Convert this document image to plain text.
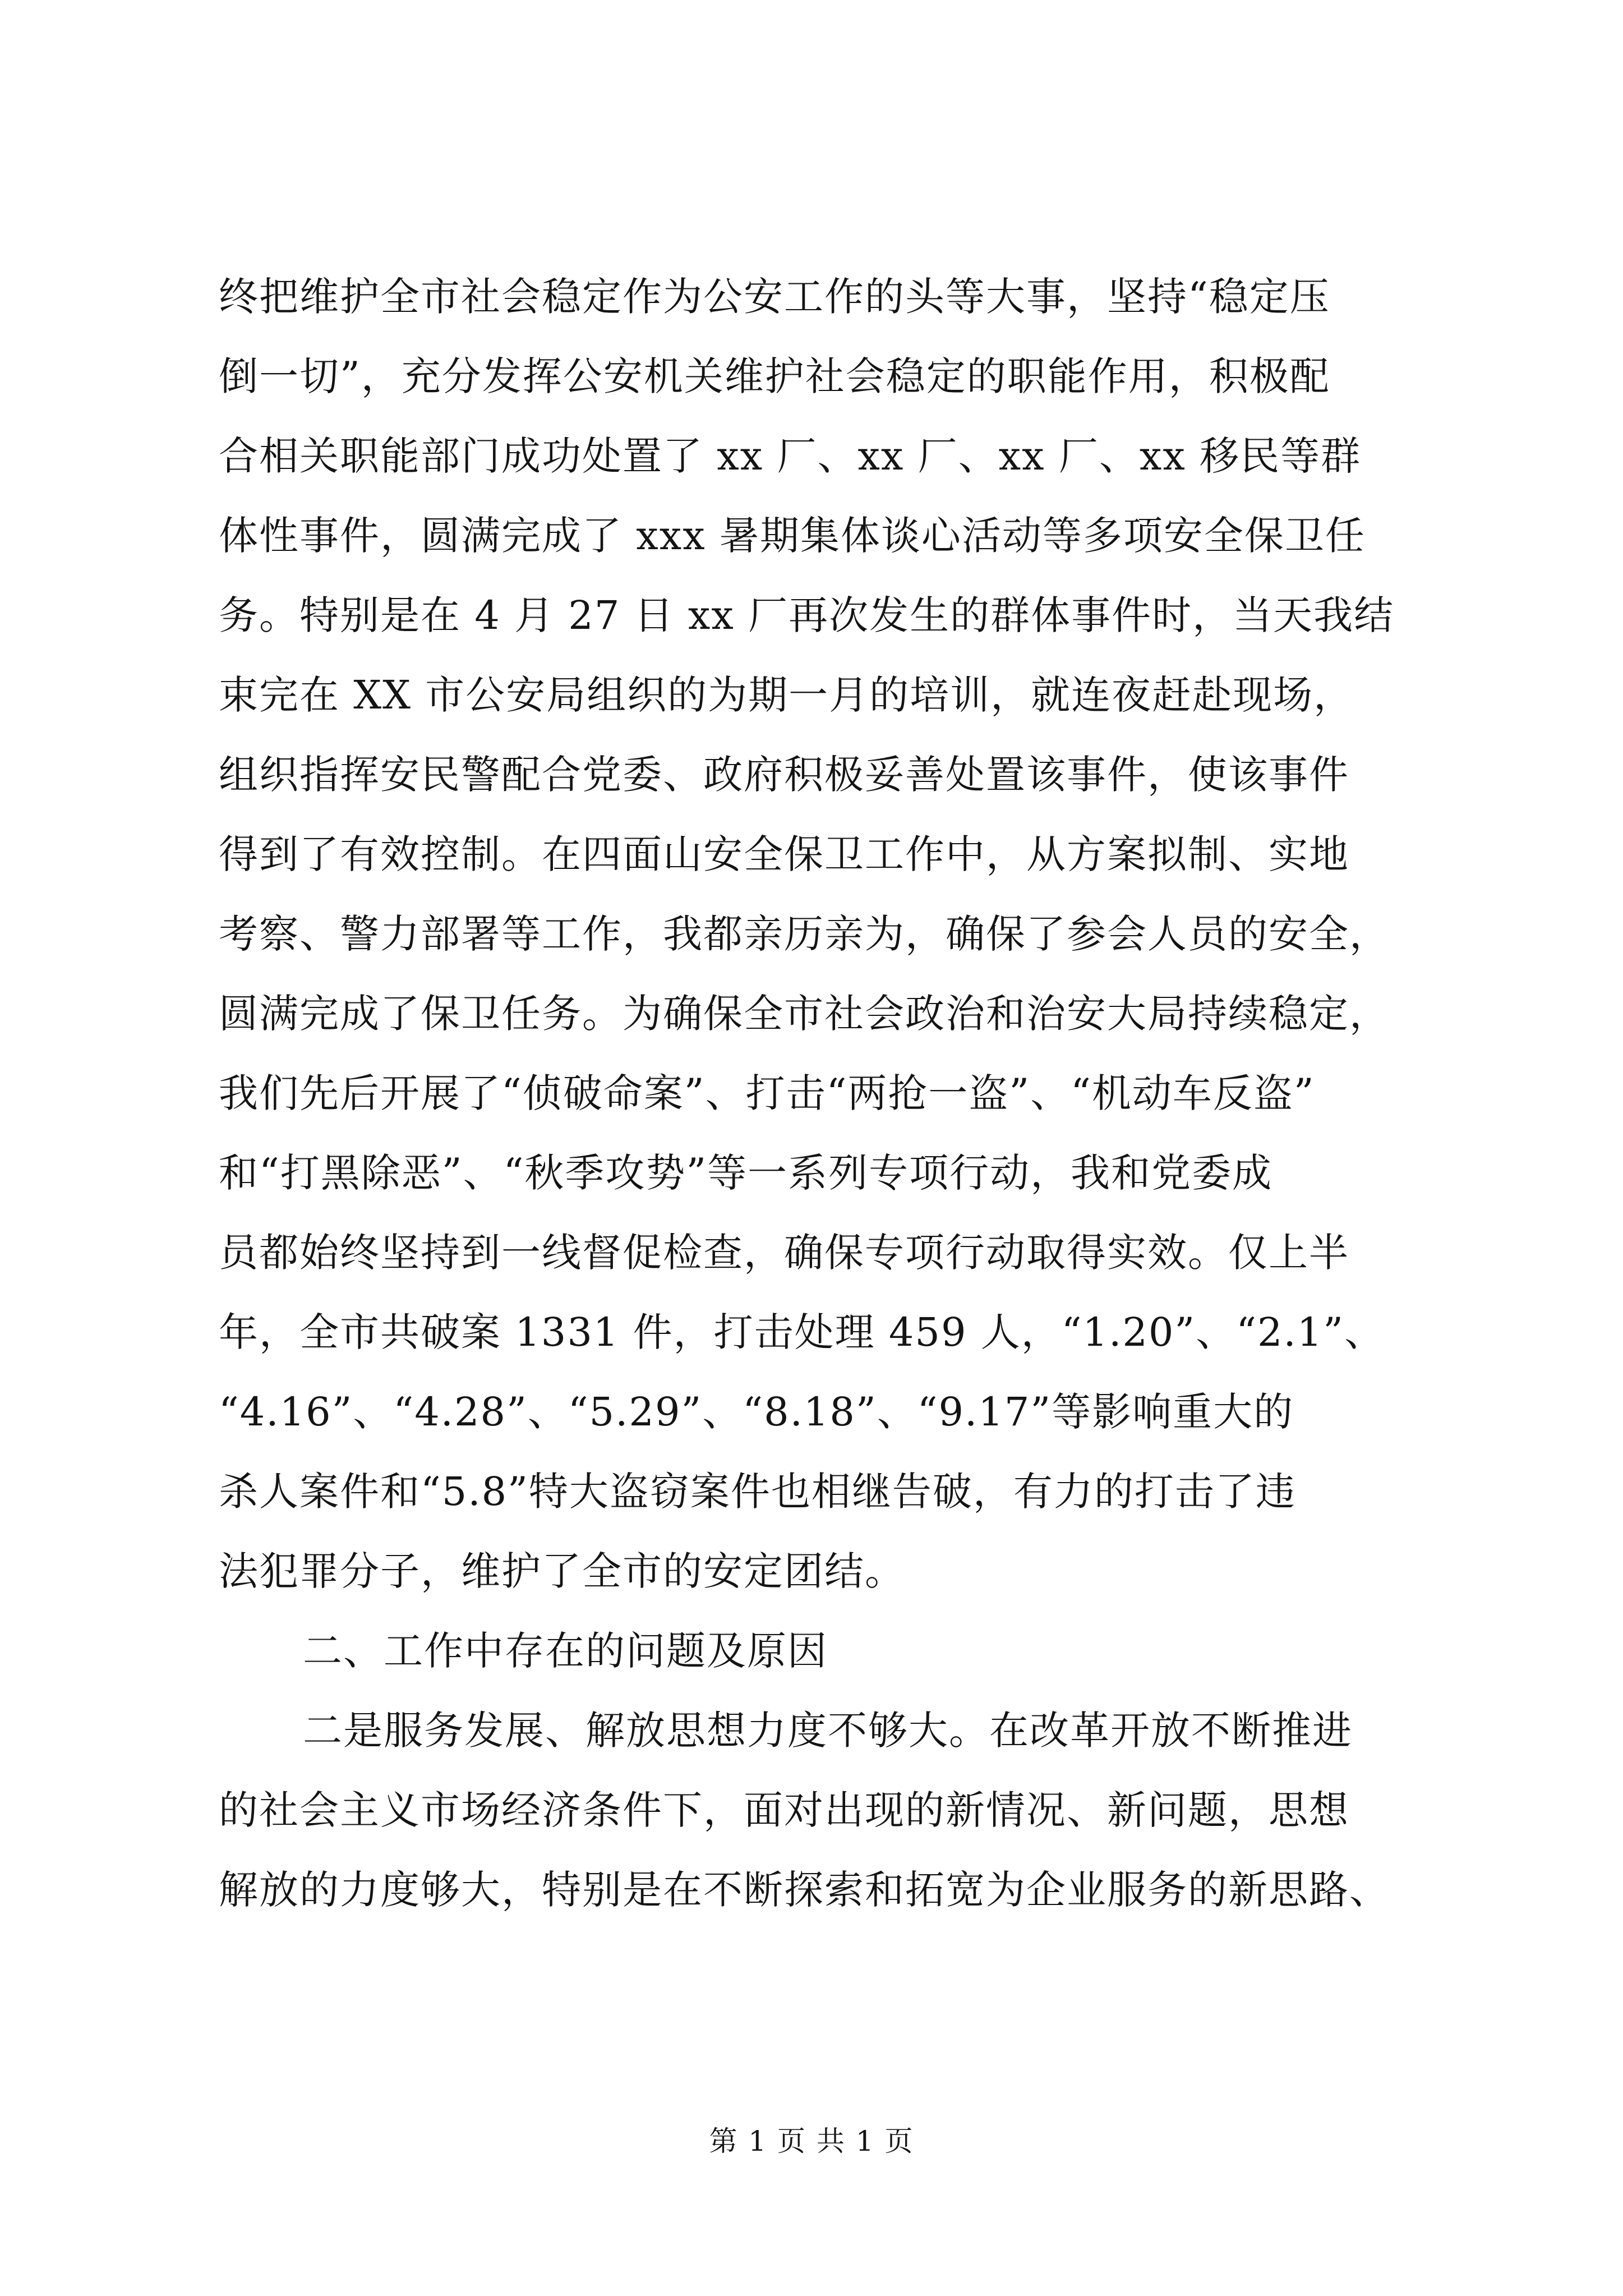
终把维护全市社会稳定作为公安工作的头等大事，坚持“稳定压
倒一切”，充分发挥公安机关维护社会稳定的职能作用，积极配
合相关职能部门成功处置了 xx 厂、xx 厂、xx 厂、xx 移民等群
体性事件，圆满完成了 xxx 暑期集体谈心活动等多项安全保卫任
务。特别是在 4 月 27 日 xx 厂再次发生的群体事件时，当天我结
束完在 XX 市公安局组织的为期一月的培训，就连夜赶赴现场，
组织指挥安民警配合党委、政府积极妥善处置该事件，使该事件
得到了有效控制。在四面山安全保卫工作中，从方案拟制、实地
考察、警力部署等工作，我都亲历亲为，确保了参会人员的安全，
圆满完成了保卫任务。为确保全市社会政治和治安大局持续稳定，
我们先后开展了“侦破命案”、打击“两抢一盗”、“机动车反盗”
和“打黑除恶”、“秋季攻势”等一系列专项行动，我和党委成
员都始终坚持到一线督促检查，确保专项行动取得实效。仅上半
年，全市共破案 1331 件，打击处理 459 人，“1.20”、“2.1”、
“4.16”、“4.28”、“5.29”、“8.18”、“9.17”等影响重大的
杀人案件和“5.8”特大盗窃案件也相继告破，有力的打击了违
法犯罪分子，维护了全市的安定团结。
二、工作中存在的问题及原因
二是服务发展、解放思想力度不够大。在改革开放不断推进
的社会主义市场经济条件下，面对出现的新情况、新问题，思想
解放的力度够大，特别是在不断探索和拓宽为企业服务的新思路、
第 1 页 共 1 页
